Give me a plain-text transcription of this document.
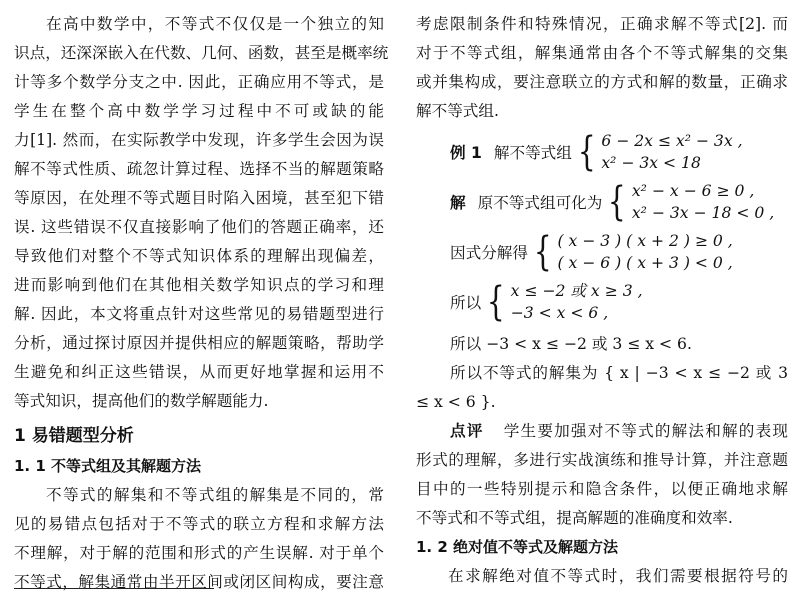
在高中数学中，不等式不仅仅是一个独立的知
识点，还深深嵌入在代数、几何、函数，甚至是概率统
计等多个数学分支之中. 因此，正确应用不等式，是
学生在整个高中数学学习过程中不可或缺的能
力[1]. 然而，在实际教学中发现，许多学生会因为误
解不等式性质、疏忽计算过程、选择不当的解题策略
等原因，在处理不等式题目时陷入困境，甚至犯下错
误. 这些错误不仅直接影响了他们的答题正确率，还
导致他们对整个不等式知识体系的理解出现偏差，
进而影响到他们在其他相关数学知识点的学习和理
解. 因此，本文将重点针对这些常见的易错题型进行
分析，通过探讨原因并提供相应的解题策略，帮助学
生避免和纠正这些错误，从而更好地掌握和运用不
等式知识，提高他们的数学解题能力.
1 易错题型分析
1. 1 不等式组及其解题方法
不等式的解集和不等式组的解集是不同的，常
见的易错点包括对于不等式的联立方程和求解方法
不理解，对于解的范围和形式的产生误解. 对于单个
不等式，解集通常由半开区间或闭区间构成，要注意
考虑限制条件和特殊情况，正确求解不等式[2]. 而
对于不等式组，解集通常由各个不等式解集的交集
或并集构成，要注意联立的方式和解的数量，正确求
解不等式组.
例 1 解不等式组 { 6 − 2x ≤ x² − 3x ,
x² − 3x < 18
解 原不等式组可化为 { x² − x − 6 ≥ 0 ,
x² − 3x − 18 < 0 ,
因式分解得 { ( x − 3 ) ( x + 2 ) ≥ 0 ,
( x − 6 ) ( x + 3 ) < 0 ,
所以 { x ≤ −2 或 x ≥ 3 ,
−3 < x < 6 ,
所以 −3 < x ≤ −2 或 3 ≤ x < 6.
所以不等式的解集为 { x | −3 < x ≤ −2 或 3
≤ x < 6 }.
点评 学生要加强对不等式的解法和解的表现
形式的理解，多进行实战演练和推导计算，并注意题
目中的一些特别提示和隐含条件，以便正确地求解
不等式和不等式组，提高解题的准确度和效率.
1. 2 绝对值不等式及解题方法
在求解绝对值不等式时，我们需要根据符号的
